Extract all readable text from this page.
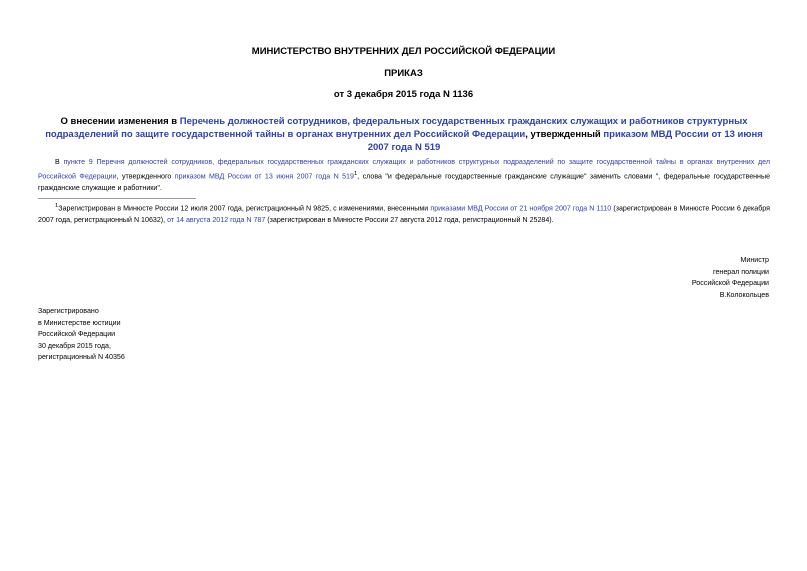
МИНИСТЕРСТВО ВНУТРЕННИХ ДЕЛ РОССИЙСКОЙ ФЕДЕРАЦИИ
ПРИКАЗ
от 3 декабря 2015 года N 1136
О внесении изменения в Перечень должностей сотрудников, федеральных государственных гражданских служащих и работников структурных подразделений по защите государственной тайны в органах внутренних дел Российской Федерации, утвержденный приказом МВД России от 13 июня 2007 года N 519
В пункте 9 Перечня должностей сотрудников, федеральных государственных гражданских служащих и работников структурных подразделений по защите государственной тайны в органах внутренних дел Российской Федерации, утвержденного приказом МВД России от 13 июня 2007 года N $519^1$, слова "и федеральные государственные гражданские служащие" заменить словами ", федеральные государственные гражданские служащие и работники".
$^1$Зарегистрирован в Минюсте России 12 июля 2007 года, регистрационный N 9825, с изменениями, внесенными приказами МВД России от 21 ноября 2007 года N 1110 (зарегистрирован в Минюсте России 6 декабря 2007 года, регистрационный N 10632), от 14 августа 2012 года N 787 (зарегистрирован в Минюсте России 27 августа 2012 года, регистрационный N 25284).
Министр
генерал полиции
Российской Федерации
В.Колокольцев
Зарегистрировано
в Министерстве юстиции
Российской Федерации
30 декабря 2015 года,
регистрационный N 40356
